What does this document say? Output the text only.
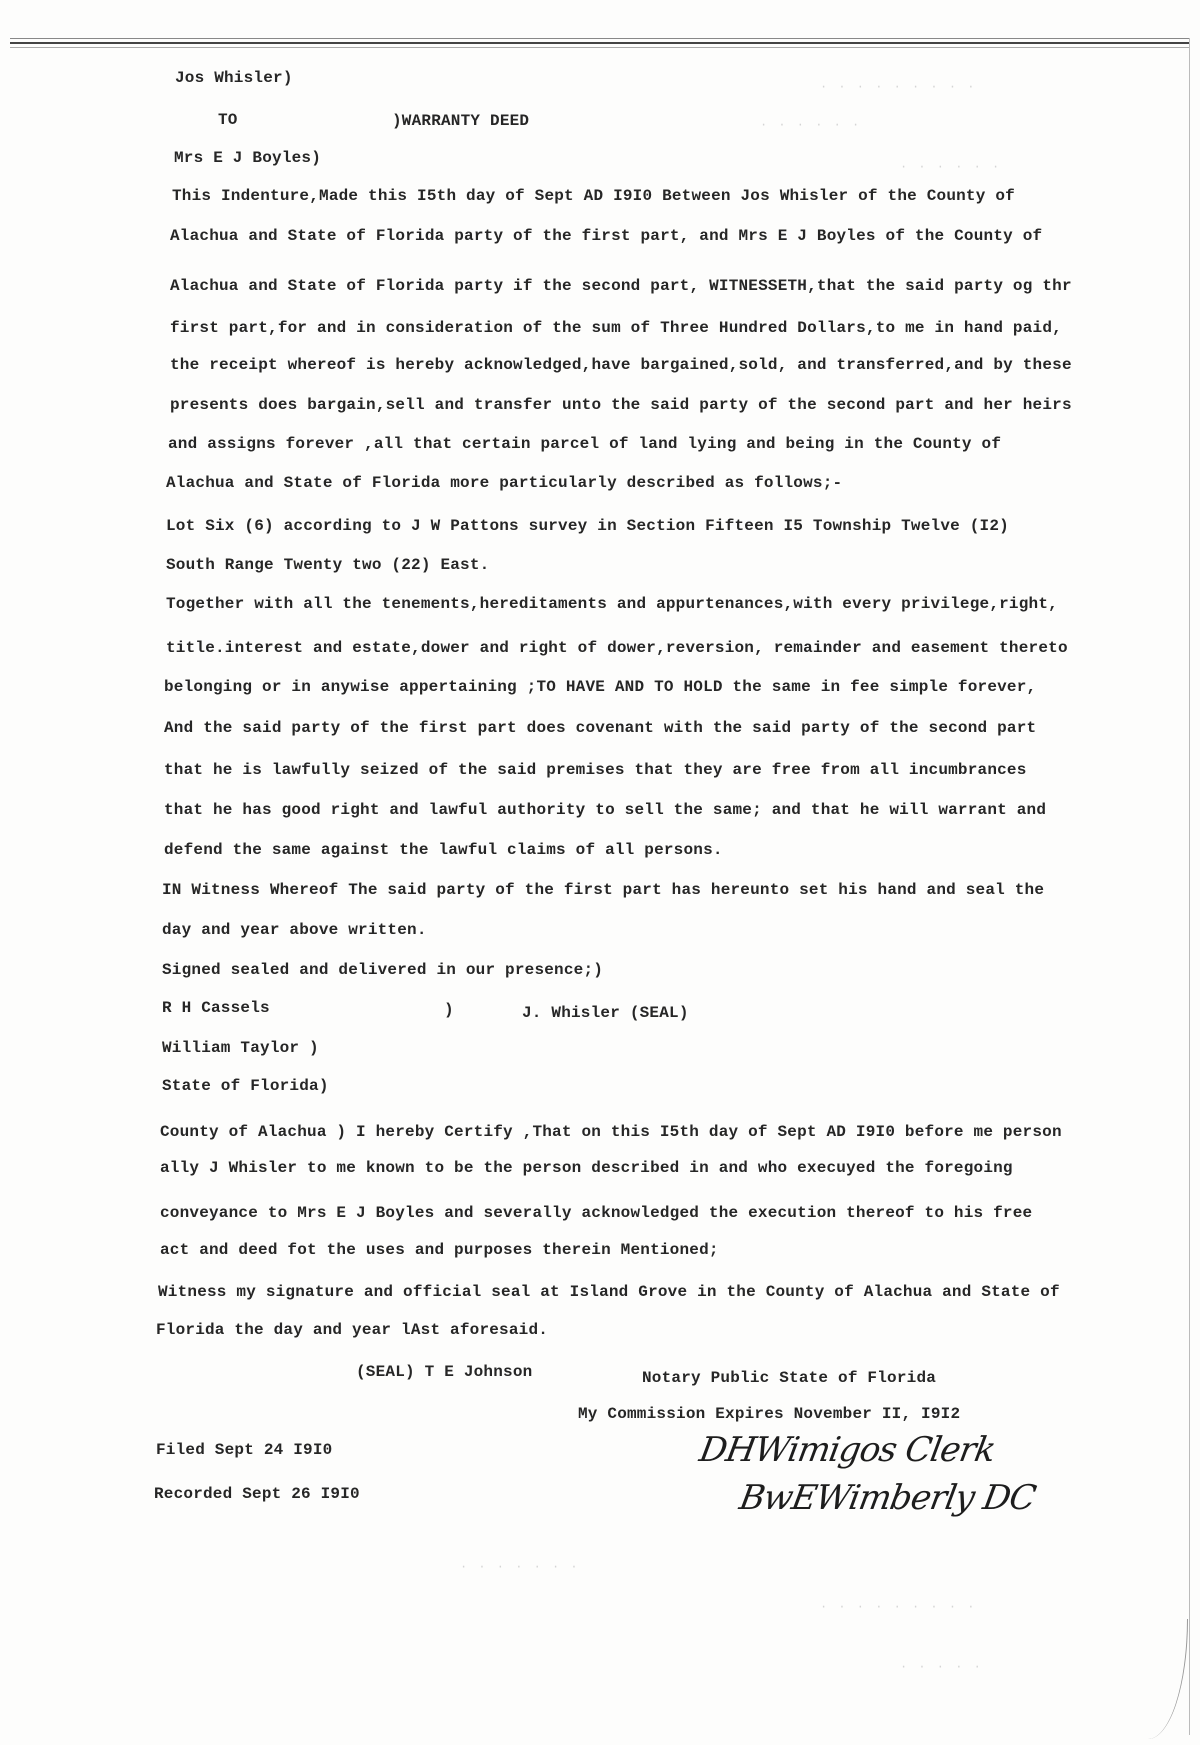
Jos Whisler)
TO	)WARRANTY DEED
Mrs E J Boyles)
This Indenture,Made this I5th day of Sept AD I9I0 Between Jos Whisler of the County of
Alachua and State of Florida party of the first part, and Mrs E J Boyles of the County of
Alachua and State of Florida party if the second part, WITNESSETH,that the said party og thr
first part,for and in consideration of the sum of Three Hundred Dollars,to me in hand paid,
the receipt whereof is hereby acknowledged,have bargained,sold, and transferred,and by these
presents does bargain,sell and transfer unto the said party of the second part and her heirs
and assigns forever ,all that certain parcel of land lying and being in the County of
Alachua and State of Florida more particularly described as follows;-
Lot Six (6) according to J W Pattons survey in Section Fifteen I5 Township Twelve (I2)
South Range Twenty two (22) East.
Together with all the tenements,hereditaments and appurtenances,with every privilege,right,
title.interest and estate,dower and right of dower,reversion, remainder and easement thereto
belonging or in anywise appertaining ;TO HAVE AND TO HOLD the same in fee simple forever,
And the said party of the first part does covenant with the said party of the second part
that he is lawfully seized of the said premises that they are free from all incumbrances
that he has good right and lawful authority to sell the same; and that he will warrant and
defend the same against the lawful claims of all persons.
IN Witness Whereof The said party of the first part has hereunto set his hand and seal the
day and year above written.
Signed sealed and delivered in our presence;)
R H Cassels	)	J. Whisler (SEAL)
William Taylor )
State of Florida)
County of Alachua ) I hereby Certify ,That on this I5th day of Sept AD I9I0 before me person
ally J Whisler to me known to be the person described in and who execuyed the foregoing
conveyance to Mrs E J Boyles and severally acknowledged the execution thereof to his free
act and deed fot the uses and purposes therein Mentioned;
Witness my signature and official seal at Island Grove in the County of Alachua and State of
Florida the day and year lAst aforesaid.
(SEAL) T E Johnson	Notary Public State of Florida
My Commission Expires November II, I9I2
Filed Sept 24 I9I0
Recorded Sept 26 I9I0
DHWimigos Clerk
BwEWimberly DC
· · · · · · · · ·
· · · · · ·
· · · · · ·
· · · · · · ·
· · · · · · · · ·
· · · · ·
